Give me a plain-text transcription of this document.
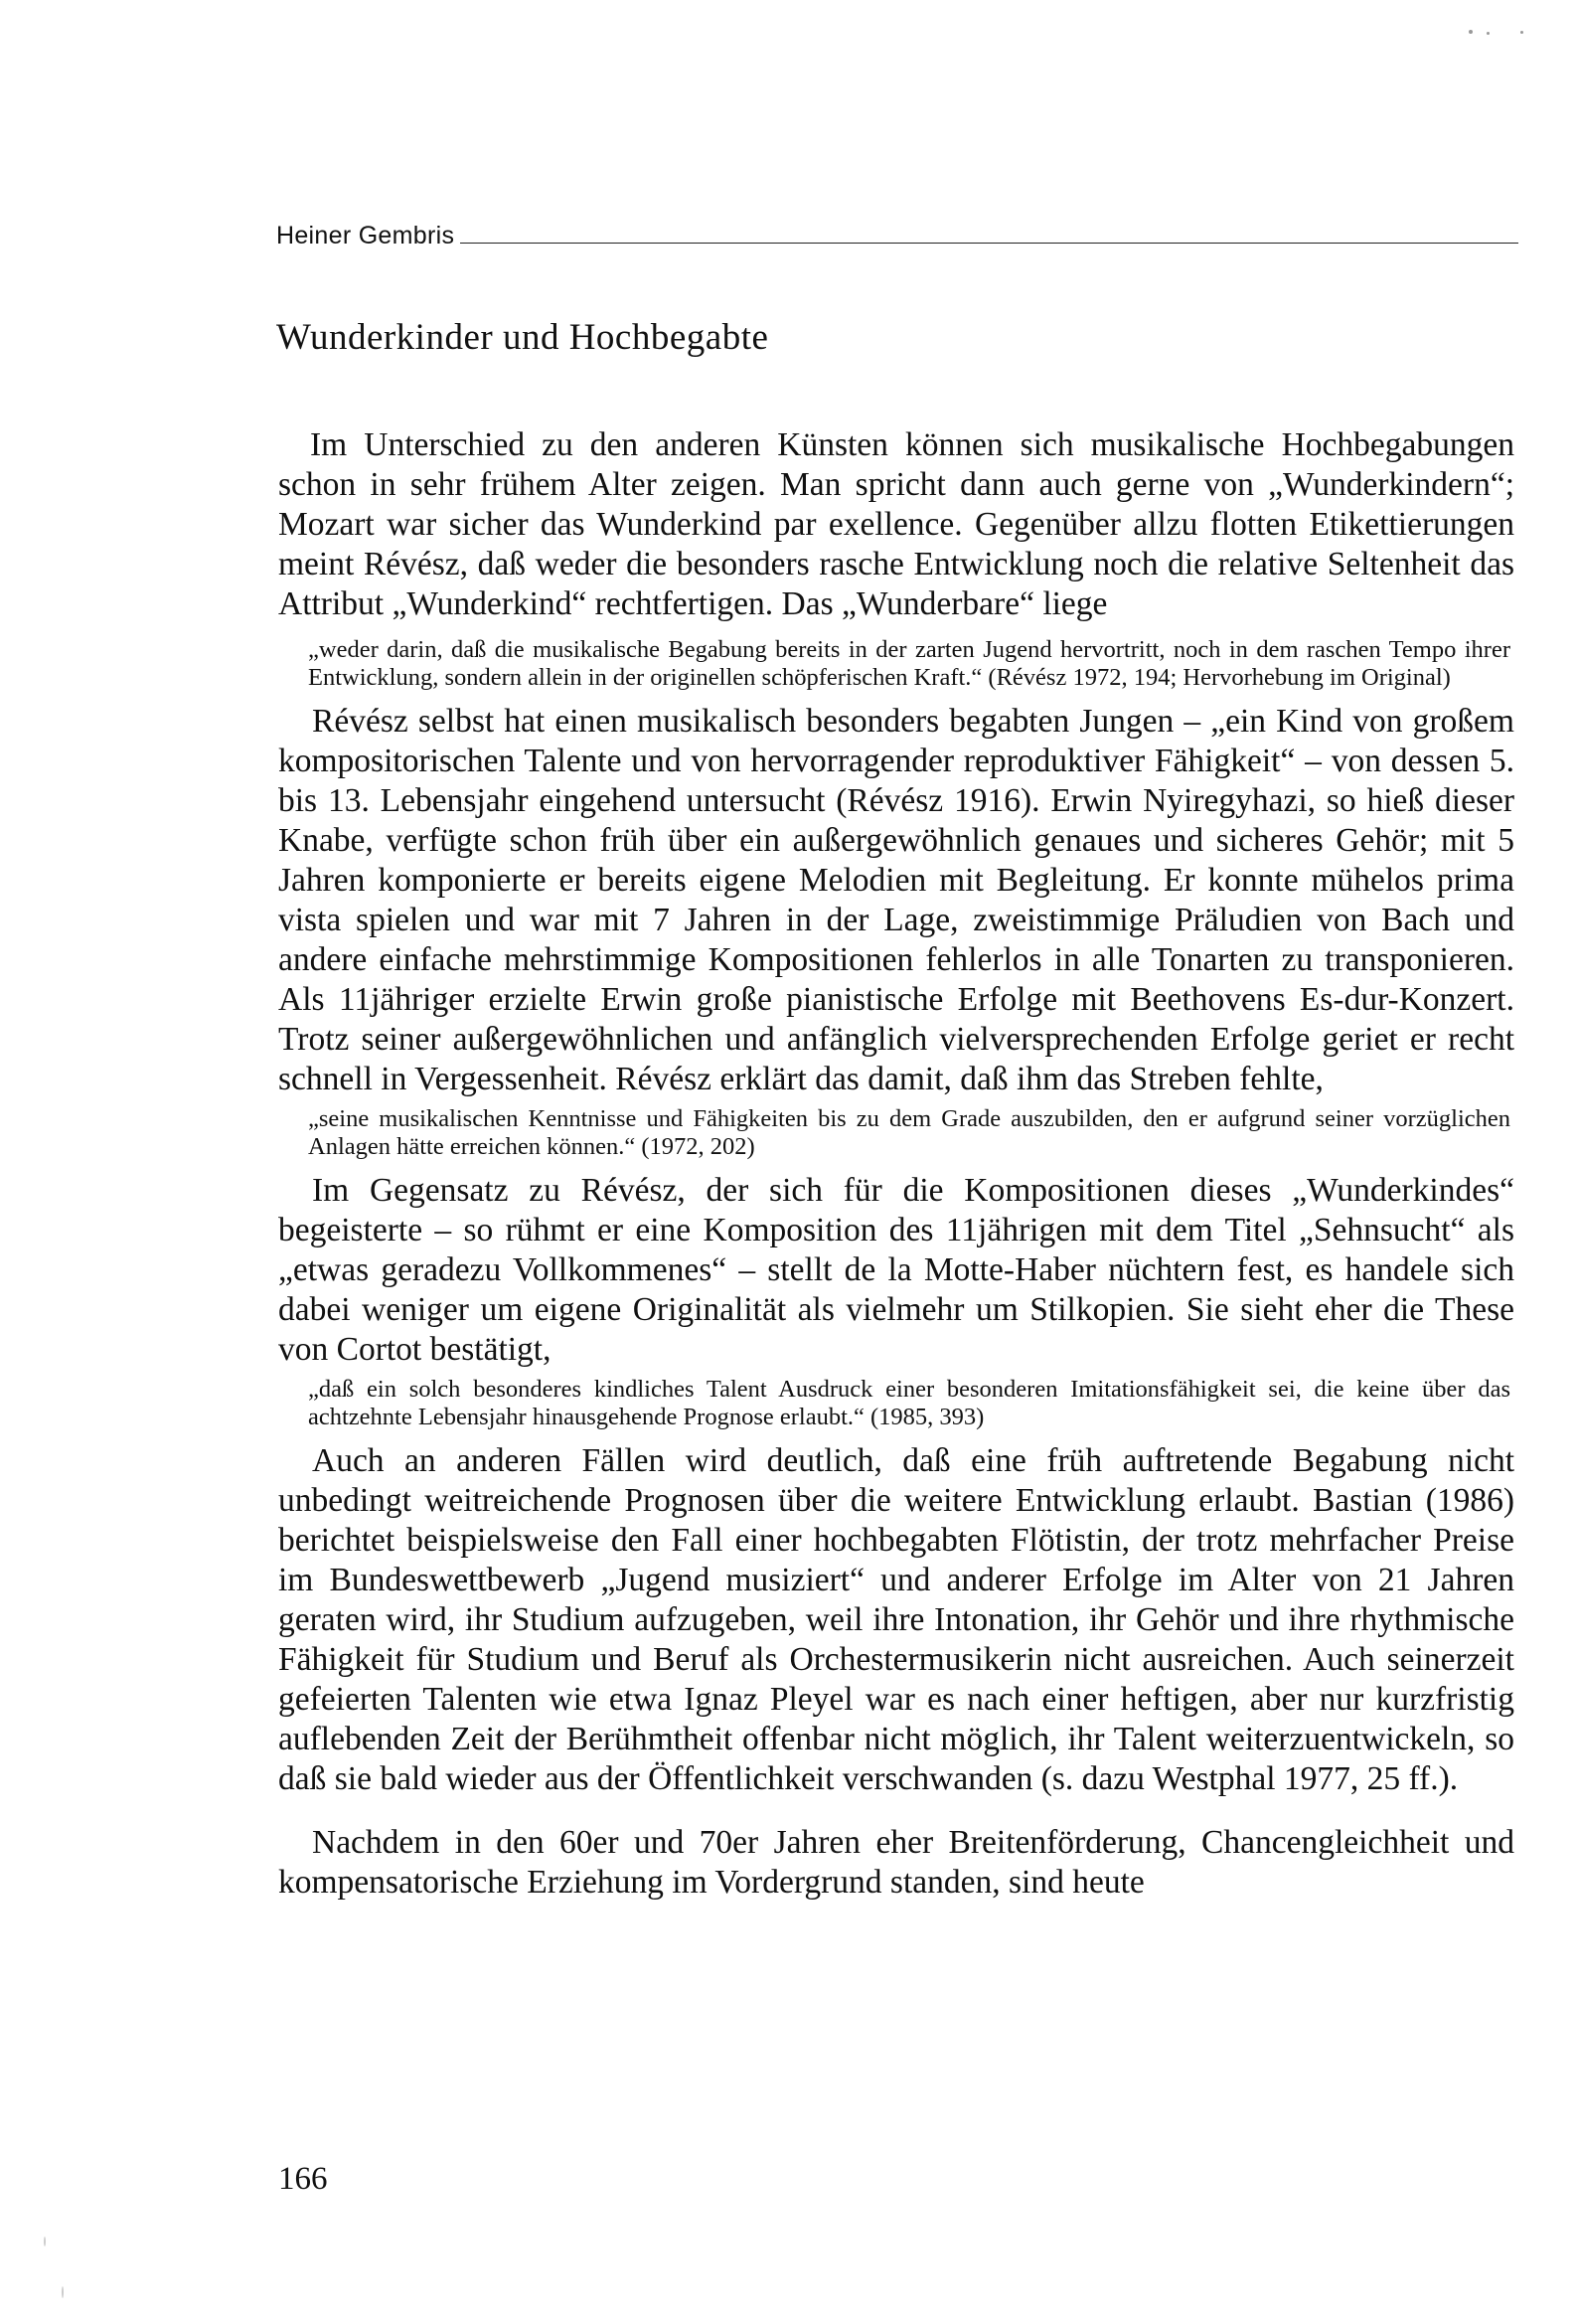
Heiner Gembris
Wunderkinder und Hochbegabte

Im Unterschied zu den anderen Künsten können sich musikalische Hochbegabungen schon in sehr frühem Alter zeigen. Man spricht dann auch gerne von „Wunderkindern“; Mozart war sicher das Wunderkind par exellence. Gegenüber allzu flotten Etikettierungen meint Révész, daß weder die besonders rasche Entwicklung noch die relative Seltenheit das Attribut „Wunderkind“ rechtfertigen. Das „Wunderbare“ liege

„weder darin, daß die musikalische Begabung bereits in der zarten Jugend hervortritt, noch in dem raschen Tempo ihrer Entwicklung, sondern allein in der originellen schöpferischen Kraft.“ (Révész 1972, 194; Hervorhebung im Original)

Révész selbst hat einen musikalisch besonders begabten Jungen – „ein Kind von großem kompositorischen Talente und von hervorragender reproduktiver Fähigkeit“ – von dessen 5. bis 13. Lebensjahr eingehend untersucht (Révész 1916). Erwin Nyiregyhazi, so hieß dieser Knabe, verfügte schon früh über ein außergewöhnlich genaues und sicheres Gehör; mit 5 Jahren komponierte er bereits eigene Melodien mit Begleitung. Er konnte mühelos prima vista spielen und war mit 7 Jahren in der Lage, zweistimmige Präludien von Bach und andere einfache mehrstimmige Kompositionen fehlerlos in alle Tonarten zu transponieren. Als 11jähriger erzielte Erwin große pianistische Erfolge mit Beethovens Es-dur-Konzert. Trotz seiner außergewöhnlichen und anfänglich vielversprechenden Erfolge geriet er recht schnell in Vergessenheit. Révész erklärt das damit, daß ihm das Streben fehlte,

„seine musikalischen Kenntnisse und Fähigkeiten bis zu dem Grade auszubilden, den er aufgrund seiner vorzüglichen Anlagen hätte erreichen können.“ (1972, 202)

Im Gegensatz zu Révész, der sich für die Kompositionen dieses „Wunderkindes“ begeisterte – so rühmt er eine Komposition des 11jährigen mit dem Titel „Sehnsucht“ als „etwas geradezu Vollkommenes“ – stellt de la Motte-Haber nüchtern fest, es handele sich dabei weniger um eigene Originalität als vielmehr um Stilkopien. Sie sieht eher die These von Cortot bestätigt,

„daß ein solch besonderes kindliches Talent Ausdruck einer besonderen Imitationsfähigkeit sei, die keine über das achtzehnte Lebensjahr hinausgehende Prognose erlaubt.“ (1985, 393)

Auch an anderen Fällen wird deutlich, daß eine früh auftretende Begabung nicht unbedingt weitreichende Prognosen über die weitere Entwicklung erlaubt. Bastian (1986) berichtet beispielsweise den Fall einer hochbegabten Flötistin, der trotz mehrfacher Preise im Bundeswettbewerb „Jugend musiziert“ und anderer Erfolge im Alter von 21 Jahren geraten wird, ihr Studium aufzugeben, weil ihre Intonation, ihr Gehör und ihre rhythmische Fähigkeit für Studium und Beruf als Orchestermusikerin nicht ausreichen. Auch seinerzeit gefeierten Talenten wie etwa Ignaz Pleyel war es nach einer heftigen, aber nur kurzfristig auflebenden Zeit der Berühmtheit offenbar nicht möglich, ihr Talent weiterzuentwickeln, so daß sie bald wieder aus der Öffentlichkeit verschwanden (s. dazu Westphal 1977, 25 ff.).

Nachdem in den 60er und 70er Jahren eher Breitenförderung, Chancengleichheit und kompensatorische Erziehung im Vordergrund standen, sind heute

166
